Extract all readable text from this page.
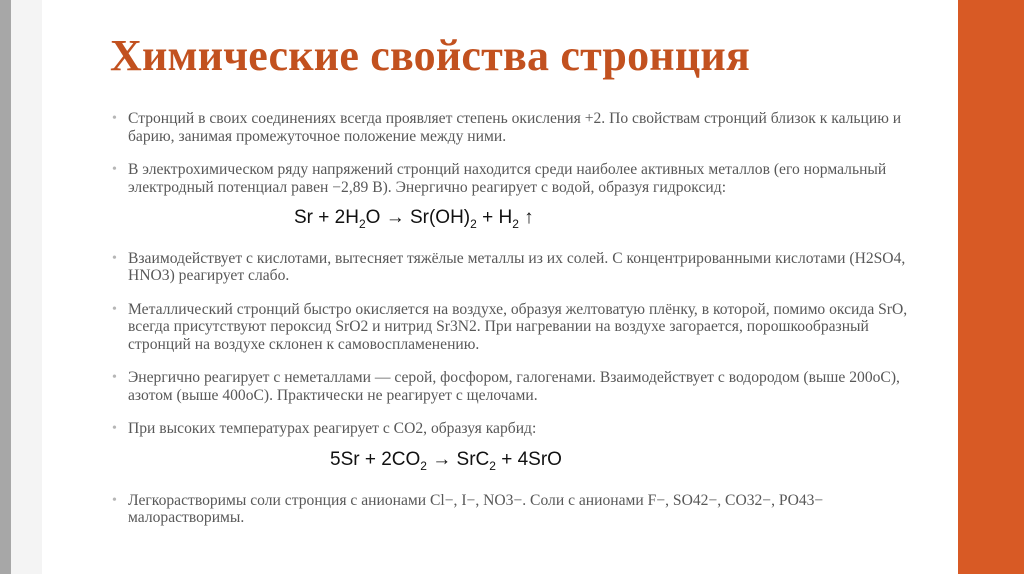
Химические свойства стронция
• Стронций в своих соединениях всегда проявляет степень окисления +2. По свойствам стронций близок к кальцию и барию, занимая промежуточное положение между ними.
• В электрохимическом ряду напряжений стронций находится среди наиболее активных металлов (его нормальный электродный потенциал равен −2,89 В). Энергично реагирует с водой, образуя гидроксид:
$Sr + 2H_2O \to Sr(OH)_2 + H_2$ ↑
• Взаимодействует с кислотами, вытесняет тяжёлые металлы из их солей. С концентрированными кислотами (H2SO4, HNO3) реагирует слабо.
• Металлический стронций быстро окисляется на воздухе, образуя желтоватую плёнку, в которой, помимо оксида SrO, всегда присутствуют пероксид SrO2 и нитрид Sr3N2. При нагревании на воздухе загорается, порошкообразный стронций на воздухе склонен к самовоспламенению.
• Энергично реагирует с неметаллами — серой, фосфором, галогенами. Взаимодействует с водородом (выше 200oC), азотом (выше 400oC). Практически не реагирует с щелочами.
• При высоких температурах реагирует с CO2, образуя карбид:
$5Sr + 2CO_2 \to SrC_2 + 4SrO$
• Легкорастворимы соли стронция с анионами Cl−, I−, NO3−. Соли с анионами F−, SO42−, CO32−, PO43− малорастворимы.
